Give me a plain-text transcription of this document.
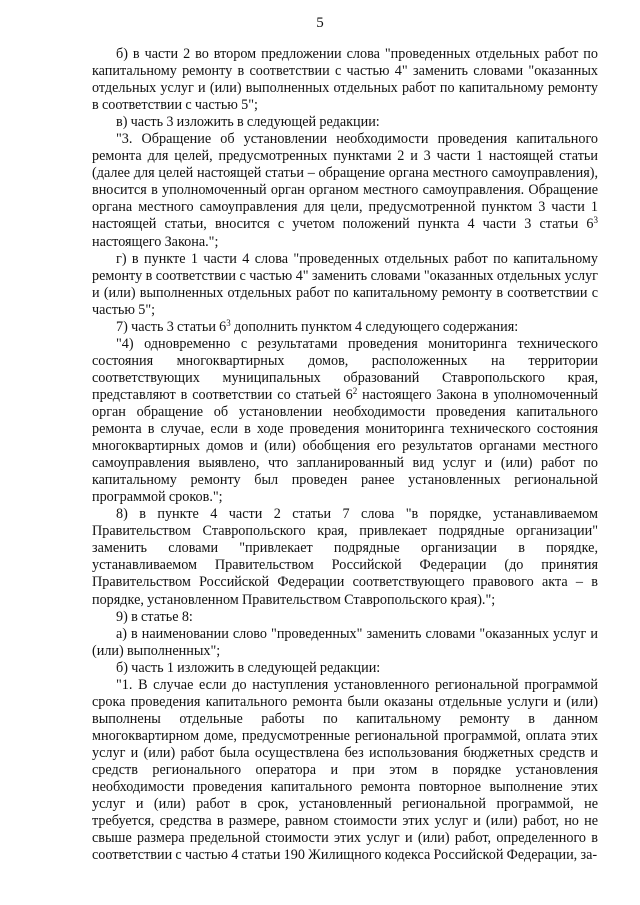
5

б) в части 2 во втором предложении слова "проведенных отдельных работ по капитальному ремонту в соответствии с частью 4" заменить словами "оказанных отдельных услуг и (или) выполненных отдельных работ по капитальному ремонту в соответствии с частью 5";

в) часть 3 изложить в следующей редакции:

"3. Обращение об установлении необходимости проведения капитального ремонта для целей, предусмотренных пунктами 2 и 3 части 1 настоящей статьи (далее для целей настоящей статьи – обращение органа местного самоуправления), вносится в уполномоченный орган органом местного самоуправления. Обращение органа местного самоуправления для цели, предусмотренной пунктом 3 части 1 настоящей статьи, вносится с учетом положений пункта 4 части 3 статьи $6^3$ настоящего Закона.";

г) в пункте 1 части 4 слова "проведенных отдельных работ по капитальному ремонту в соответствии с частью 4" заменить словами "оказанных отдельных услуг и (или) выполненных отдельных работ по капитальному ремонту в соответствии с частью 5";

7) часть 3 статьи $6^3$ дополнить пунктом 4 следующего содержания:

"4) одновременно с результатами проведения мониторинга технического состояния многоквартирных домов, расположенных на территории соответствующих муниципальных образований Ставропольского края, представляют в соответствии со статьей $6^2$ настоящего Закона в уполномоченный орган обращение об установлении необходимости проведения капитального ремонта в случае, если в ходе проведения мониторинга технического состояния многоквартирных домов и (или) обобщения его результатов органами местного самоуправления выявлено, что запланированный вид услуг и (или) работ по капитальному ремонту был проведен ранее установленных региональной программой сроков.";

8) в пункте 4 части 2 статьи 7 слова "в порядке, устанавливаемом Правительством Ставропольского края, привлекает подрядные организации" заменить словами "привлекает подрядные организации в порядке, устанавливаемом Правительством Российской Федерации (до принятия Правительством Российской Федерации соответствующего правового акта – в порядке, установленном Правительством Ставропольского края).";

9) в статье 8:

а) в наименовании слово "проведенных" заменить словами "оказанных услуг и (или) выполненных";

б) часть 1 изложить в следующей редакции:

"1. В случае если до наступления установленного региональной программой срока проведения капитального ремонта были оказаны отдельные услуги и (или) выполнены отдельные работы по капитальному ремонту в данном многоквартирном доме, предусмотренные региональной программой, оплата этих услуг и (или) работ была осуществлена без использования бюджетных средств и средств регионального оператора и при этом в порядке установления необходимости проведения капитального ремонта повторное выполнение этих услуг и (или) работ в срок, установленный региональной программой, не требуется, средства в размере, равном стоимости этих услуг и (или) работ, но не свыше размера предельной стоимости этих услуг и (или) работ, определенного в соответствии с частью 4 статьи 190 Жилищного кодекса Российской Федерации, за-
